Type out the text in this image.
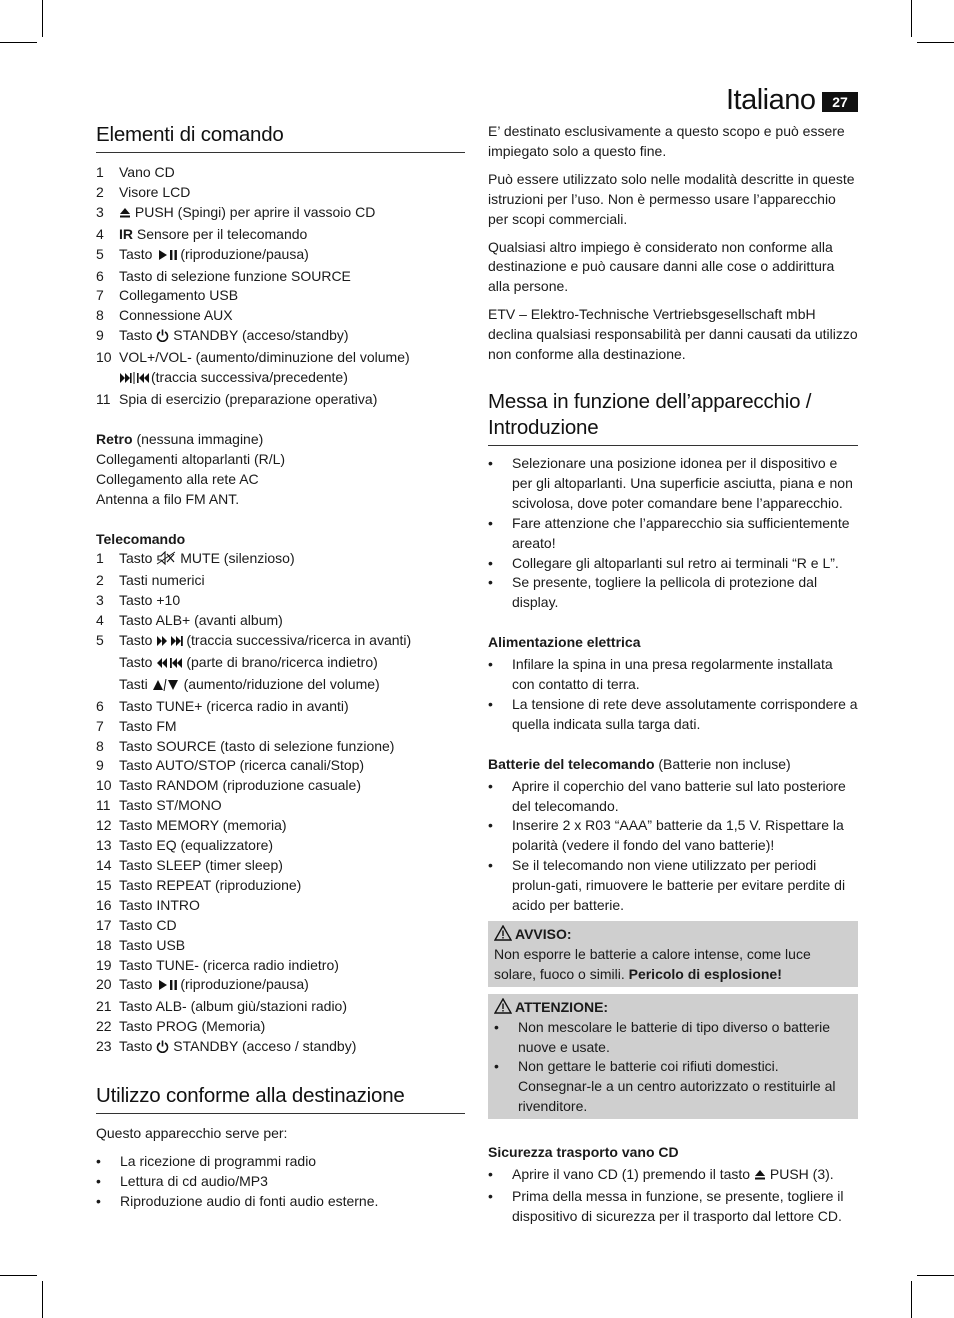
Italiano	27
Elementi di comando
1	Vano CD
2	Visore LCD
3	PUSH (Spingi) per aprire il vassoio CD
4	IR Sensore per il telecomando
5	Tasto (riproduzione/pausa)
6	Tasto di selezione funzione SOURCE
7	Collegamento USB
8	Connessione AUX
9	Tasto  STANDBY (acceso/standby)
10 VOL+/VOL- (aumento/diminuzione del volume)
(traccia successiva/precedente)
11 Spia di esercizio (preparazione operativa)

Retro (nessuna immagine)

Collegamenti altoparlanti (R/L)

Collegamento alla rete AC

Antenna a filo FM ANT.

Telecomando

1	Tasto  MUTE (silenzioso)
2	Tasti numerici
3	Tasto +10
4	Tasto ALB+ (avanti album)
5	Tasto (traccia successiva/ricerca in avanti)
Tasto (parte di brano/ricerca indietro)
Tasti  (aumento/riduzione del volume)
6	Tasto TUNE+ (ricerca radio in avanti)
7	Tasto FM
8	Tasto SOURCE (tasto di selezione funzione)
9	Tasto AUTO/STOP (ricerca canali/Stop)
10 Tasto RANDOM (riproduzione casuale)
11 Tasto ST/MONO
12 Tasto MEMORY (memoria)
13 Tasto EQ (equalizzatore)
14 Tasto SLEEP (timer sleep)
15 Tasto REPEAT (riproduzione)
16 Tasto INTRO
17 Tasto CD
18 Tasto USB
19 Tasto TUNE- (ricerca radio indietro)
20 Tasto (riproduzione/pausa)
21 Tasto ALB- (album giù/stazioni radio)
22 Tasto PROG (Memoria)
23 Tasto  STANDBY (acceso / standby)
Utilizzo conforme alla destinazione

Questo apparecchio serve per:

•	La ricezione di programmi radio
•	Lettura di cd audio/MP3
•	Riproduzione audio di fonti audio esterne.

E’ destinato esclusivamente a questo scopo e può essere impiegato solo a questo fine.

Può essere utilizzato solo nelle modalità descritte in queste istruzioni per l’uso. Non è permesso usare l’apparecchio per scopi commerciali.

Qualsiasi altro impiego è considerato non conforme alla destinazione e può causare danni alle cose o addirittura alla persone.

ETV – Elektro-Technische Vertriebsgesellschaft mbH declina qualsiasi responsabilità per danni causati da utilizzo non conforme alla destinazione.

Messa in funzione dell’apparecchio / Introduzione
•	Selezionare una posizione idonea per il dispositivo e per gli altoparlanti. Una superficie asciutta, piana e non scivolosa, dove poter comandare bene l’apparecchio.
•	Fare attenzione che l’apparecchio sia sufficientemente areato!
•	Collegare gli altoparlanti sul retro ai terminali “R e L”.
•	Se presente, togliere la pellicola di protezione dal display.

Alimentazione elettrica

•	Infilare la spina in una presa regolarmente installata con contatto di terra.
•	La tensione di rete deve assolutamente corrispondere a quella indicata sulla targa dati.

Batterie del telecomando (Batterie non incluse)

•	Aprire il coperchio del vano batterie sul lato posteriore del telecomando.
•	Inserire 2 x R03 “AAA” batterie da 1,5 V. Rispettare la polarità (vedere il fondo del vano batterie)!
•	Se il telecomando non viene utilizzato per periodi prolun-gati, rimuovere le batterie per evitare perdite di acido per batterie.

AVVISO:

Non esporre le batterie a calore intense, come luce solare, fuoco o simili. Pericolo di esplosione!

ATTENZIONE:

•	Non mescolare le batterie di tipo diverso o batterie nuove e usate.
•	Non gettare le batterie coi rifiuti domestici. Consegnar-le a un centro autorizzato o restituirle al rivenditore.

Sicurezza trasporto vano CD

•	Aprire il vano CD (1) premendo il tasto  PUSH (3).
•	Prima della messa in funzione, se presente, togliere il dispositivo di sicurezza per il trasporto dal lettore CD.
